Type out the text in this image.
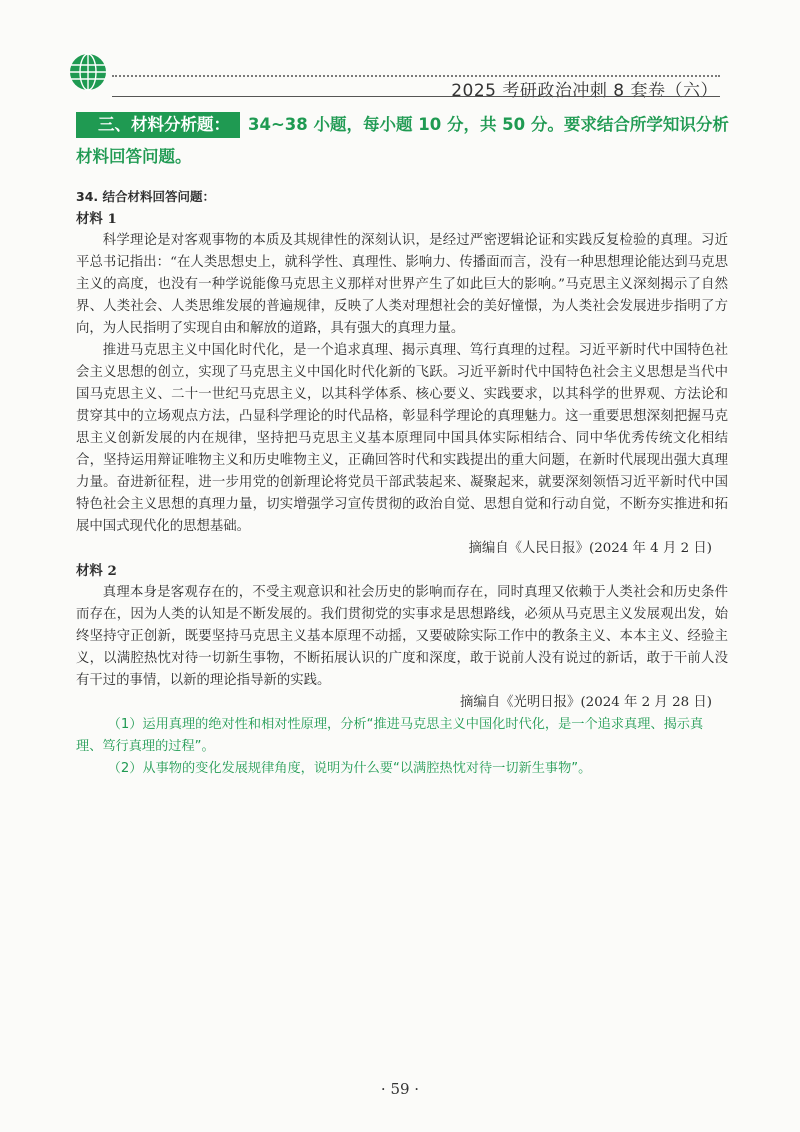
2025 考研政治冲刺 8 套卷（六）
三、材料分析题： 34~38 小题，每小题 10 分，共 50 分。要求结合所学知识分析材料回答问题。

34. 结合材料回答问题：

材料 1

科学理论是对客观事物的本质及其规律性的深刻认识，是经过严密逻辑论证和实践反复检验的真理。习近平总书记指出：“在人类思想史上，就科学性、真理性、影响力、传播面而言，没有一种思想理论能达到马克思主义的高度，也没有一种学说能像马克思主义那样对世界产生了如此巨大的影响。”马克思主义深刻揭示了自然界、人类社会、人类思维发展的普遍规律，反映了人类对理想社会的美好憧憬，为人类社会发展进步指明了方向，为人民指明了实现自由和解放的道路，具有强大的真理力量。

推进马克思主义中国化时代化，是一个追求真理、揭示真理、笃行真理的过程。习近平新时代中国特色社会主义思想的创立，实现了马克思主义中国化时代化新的飞跃。习近平新时代中国特色社会主义思想是当代中国马克思主义、二十一世纪马克思主义，以其科学体系、核心要义、实践要求，以其科学的世界观、方法论和贯穿其中的立场观点方法，凸显科学理论的时代品格，彰显科学理论的真理魅力。这一重要思想深刻把握马克思主义创新发展的内在规律，坚持把马克思主义基本原理同中国具体实际相结合、同中华优秀传统文化相结合，坚持运用辩证唯物主义和历史唯物主义，正确回答时代和实践提出的重大问题，在新时代展现出强大真理力量。奋进新征程，进一步用党的创新理论将党员干部武装起来、凝聚起来，就要深刻领悟习近平新时代中国特色社会主义思想的真理力量，切实增强学习宣传贯彻的政治自觉、思想自觉和行动自觉，不断夯实推进和拓展中国式现代化的思想基础。

摘编自《人民日报》(2024 年 4 月 2 日)

材料 2

真理本身是客观存在的，不受主观意识和社会历史的影响而存在，同时真理又依赖于人类社会和历史条件而存在，因为人类的认知是不断发展的。我们贯彻党的实事求是思想路线，必须从马克思主义发展观出发，始终坚持守正创新，既要坚持马克思主义基本原理不动摇，又要破除实际工作中的教条主义、本本主义、经验主义，以满腔热忱对待一切新生事物，不断拓展认识的广度和深度，敢于说前人没有说过的新话，敢于干前人没有干过的事情，以新的理论指导新的实践。

摘编自《光明日报》(2024 年 2 月 28 日)

（1）运用真理的绝对性和相对性原理，分析“推进马克思主义中国化时代化，是一个追求真理、揭示真理、笃行真理的过程”。

（2）从事物的变化发展规律角度，说明为什么要“以满腔热忱对待一切新生事物”。

· 59 ·
